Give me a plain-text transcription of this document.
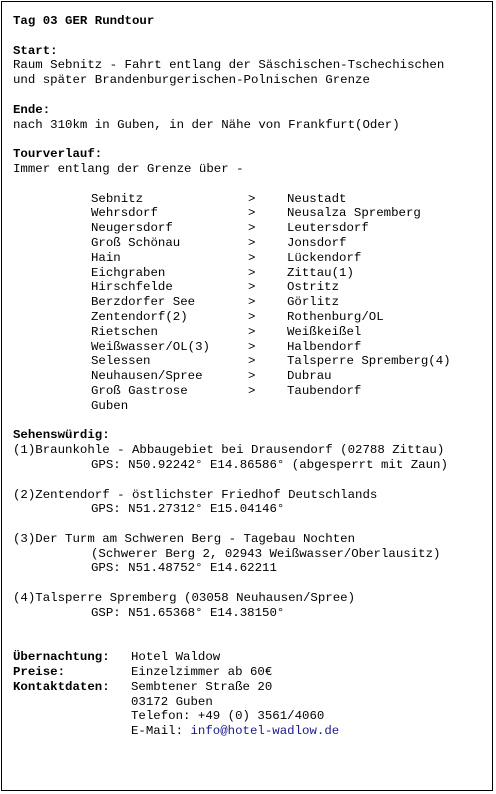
Tag 03 GER Rundtour
Start:
Raum Sebnitz - Fahrt entlang der Säschischen-Tschechischen
und später Brandenburgerischen-Polnischen Grenze
Ende:
nach 310km in Guben, in der Nähe von Frankfurt(Oder)
Tourverlauf:
Immer entlang der Grenze über -
Sebnitz	>	Neustadt
Wehrsdorf	>	Neusalza Spremberg
Neugersdorf	>	Leutersdorf
Groß Schönau	>	Jonsdorf
Hain	>	Lückendorf
Eichgraben	>	Zittau(1)
Hirschfelde	>	Ostritz
Berzdorfer See	>	Görlitz
Zentendorf(2)	>	Rothenburg/OL
Rietschen	>	Weißkeißel
Weißwasser/OL(3)	>	Halbendorf
Selessen	>	Talsperre Spremberg(4)
Neuhausen/Spree	>	Dubrau
Groß Gastrose	>	Taubendorf
Guben
Sehenswürdig:
(1)Braunkohle - Abbaugebiet bei Drausendorf (02788 Zittau)
GPS: N50.92242° E14.86586° (abgesperrt mit Zaun)
(2)Zentendorf - östlichster Friedhof Deutschlands
GPS: N51.27312° E15.04146°
(3)Der Turm am Schweren Berg - Tagebau Nochten
(Schwerer Berg 2, 02943 Weißwasser/Oberlausitz)
GPS: N51.48752° E14.62211
(4)Talsperre Spremberg (03058 Neuhausen/Spree)
GSP: N51.65368° E14.38150°
Übernachtung:	Hotel Waldow
Preise:	Einzelzimmer ab 60€
Kontaktdaten:	Sembtener Straße 20
03172 Guben
Telefon: +49 (0) 3561/4060
E-Mail: info@hotel-wadlow.de
